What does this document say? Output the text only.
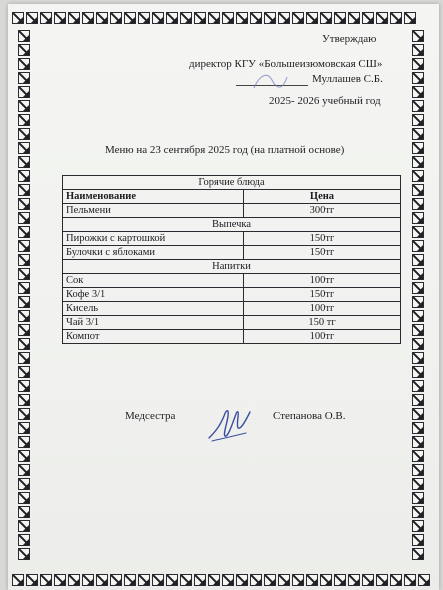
Утверждаю
директор КГУ «Большеизюмовская СШ»
Муллашев С.Б.
2025- 2026 учебный год
Меню на 23 сентября 2025 год (на платной основе)
Горячие блюда	
Наименование	Цена
Пельмени	300тг
Выпечка	
Пирожки с картошкой	150тг
Булочки с яблоками	150тг
Напитки	
Сок	100тг
Кофе 3/1	150тг
Кисель	100тг
Чай 3/1	150 тг
Компот	100тг
Медсестра	Степанова О.В.
